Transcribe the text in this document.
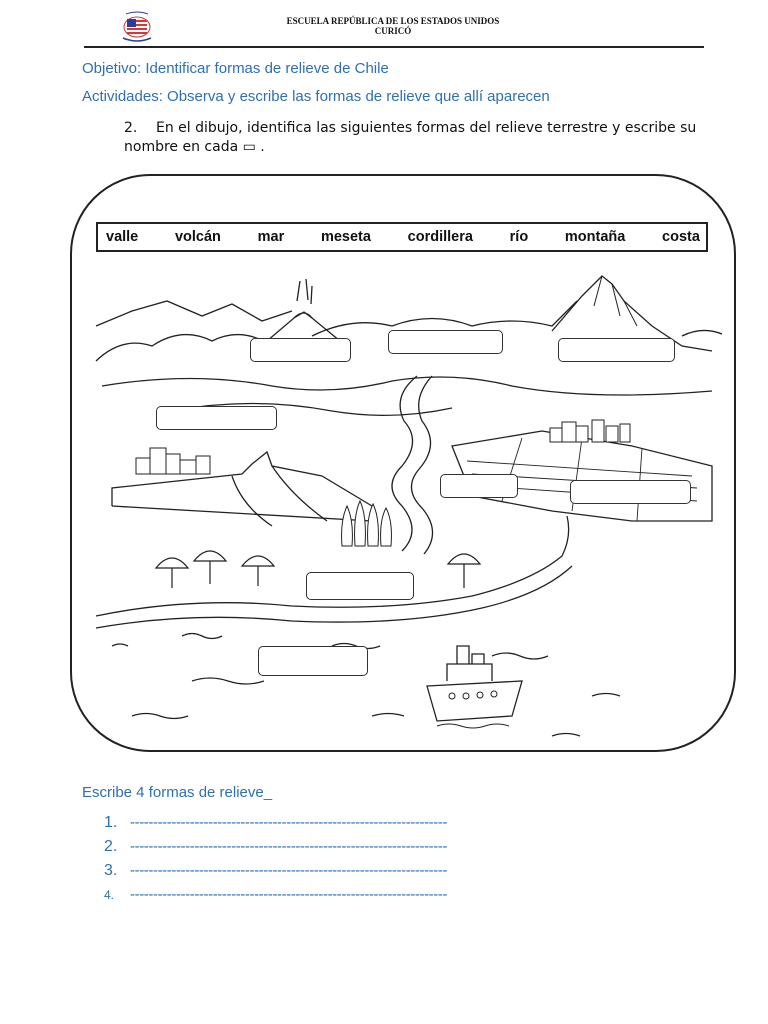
ESCUELA REPÚBLICA DE LOS ESTADOS UNIDOS
CURICÓ
Objetivo: Identificar formas de relieve de Chile
Actividades: Observa y escribe las formas de relieve que allí aparecen
2. En el dibujo, identifica las siguientes formas del relieve terrestre y escribe su nombre en cada ▭ .
valle	volcán	mar	meseta	cordillera	río	montaña	costa
Escribe 4 formas de relieve_
1. ---------------------------------------------------------------------
2. ---------------------------------------------------------------------
3. ---------------------------------------------------------------------
4.	---------------------------------------------------------------------
